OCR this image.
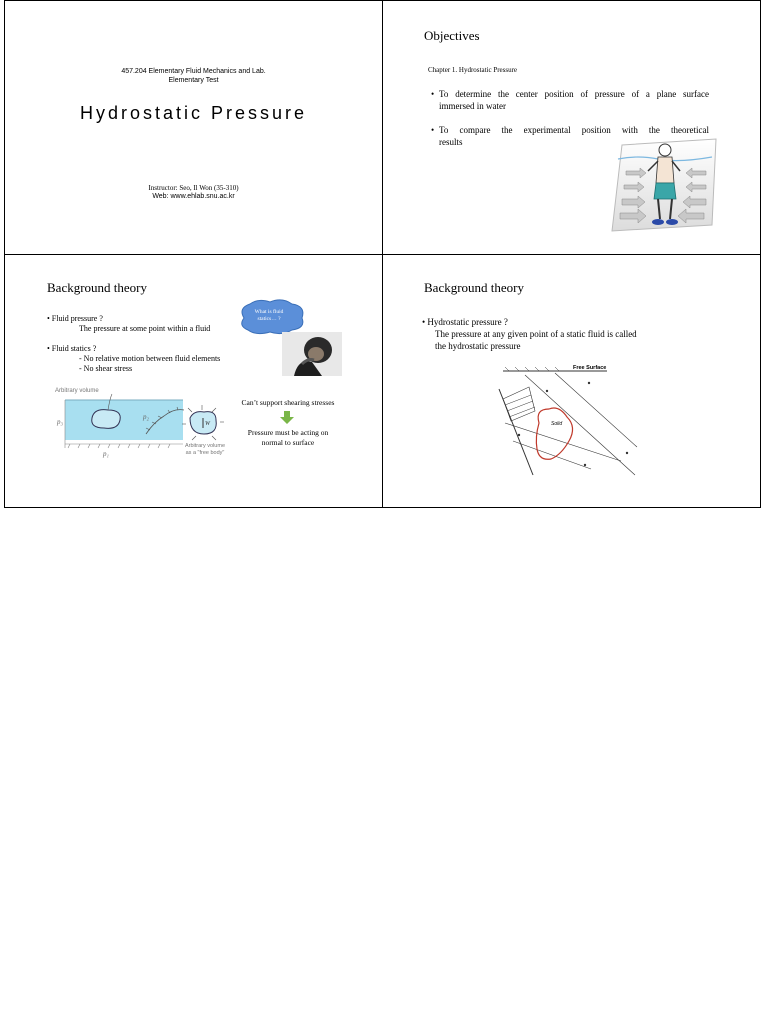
457.204 Elementary Fluid Mechanics and Lab.
Elementary Test
Hydrostatic Pressure
Instructor: Seo, Il Won (35-310)
Web: www.ehlab.snu.ac.kr
Objectives
Chapter 1. Hydrostatic Pressure
• To determine the center position of pressure of a plane surface
immersed in water
• To compare the experimental position with the theoretical
results
Background theory
• Fluid pressure ?
The pressure at some point within a fluid
• Fluid statics ?
- No relative motion between fluid elements
- No shear stress
What is fluid
statics… ?
Arbitrary volume
p₃
p₂
p₁
W
Arbitrary volume
as a "free body"
Can’t support shearing stresses
Pressure must be acting on
normal to surface
Background theory
• Hydrostatic pressure ?
The pressure at any given point of a static fluid is called
the hydrostatic pressure
Free Surface
Solid
